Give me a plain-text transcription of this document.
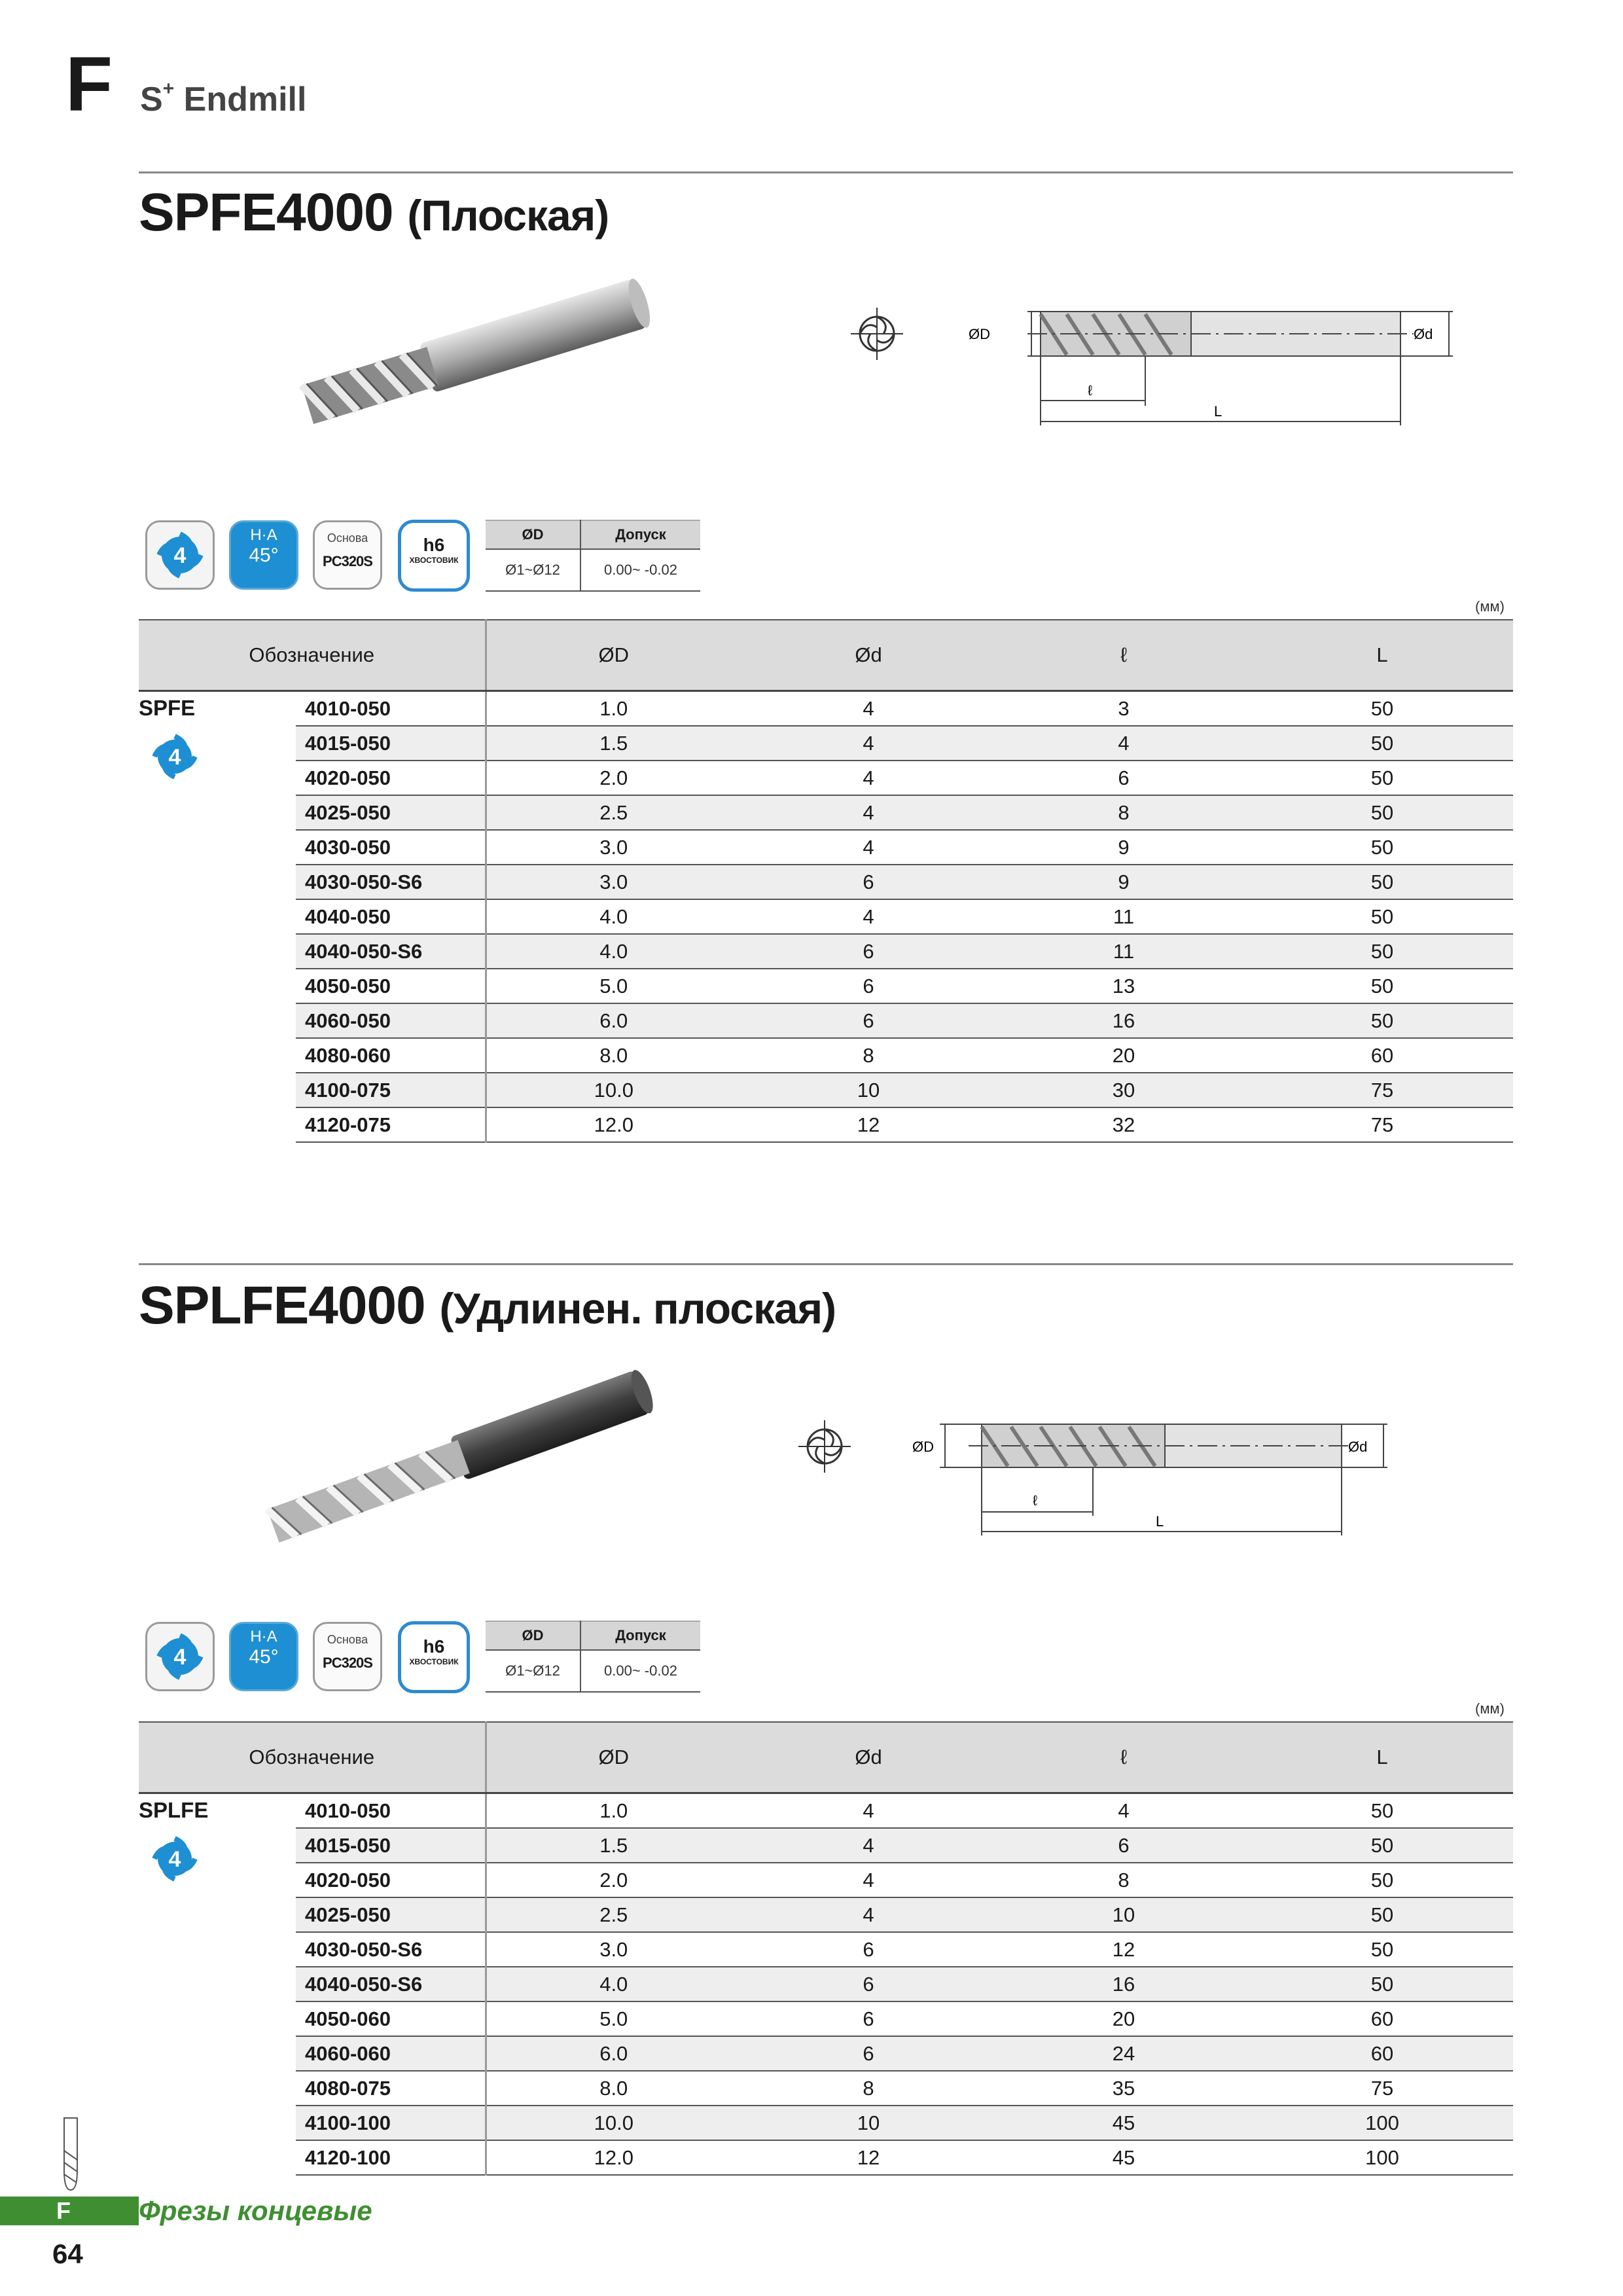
F S+ Endmill
SPFE4000 (Плоская)
ØD	Ød
ℓ
L
4
H·A
45°
Основа
PC320S
h6
ХВОСТОВИК
ØD	Допуск
Ø1~Ø12	0.00~ -0.02
(мм)
Обозначение		ØD	Ød	ℓ	L

SPFE
4	4010-050	1.0	4	3	50
	4015-050	1.5	4	4	50
	4020-050	2.0	4	6	50
	4025-050	2.5	4	8	50
	4030-050	3.0	4	9	50
	4030-050-S6	3.0	6	9	50
	4040-050	4.0	4	11	50
	4040-050-S6	4.0	6	11	50
	4050-050	5.0	6	13	50
	4060-050	6.0	6	16	50
	4080-060	8.0	8	20	60
	4100-075	10.0	10	30	75
	4120-075	12.0	12	32	75
SPLFE4000 (Удлинен. плоская)
ØD	Ød
ℓ
L
4
H·A
45°
Основа
PC320S
h6
ХВОСТОВИК
ØD	Допуск
Ø1~Ø12	0.00~ -0.02
(мм)
Обозначение		ØD	Ød	ℓ	L

SPLFE
4	4010-050	1.0	4	4	50
	4015-050	1.5	4	6	50
	4020-050	2.0	4	8	50
	4025-050	2.5	4	10	50
	4030-050-S6	3.0	6	12	50
	4040-050-S6	4.0	6	16	50
	4050-060	5.0	6	20	60
	4060-060	6.0	6	24	60
	4080-075	8.0	8	35	75
	4100-100	10.0	10	45	100
	4120-100	12.0	12	45	100
F Фрезы концевые
64
